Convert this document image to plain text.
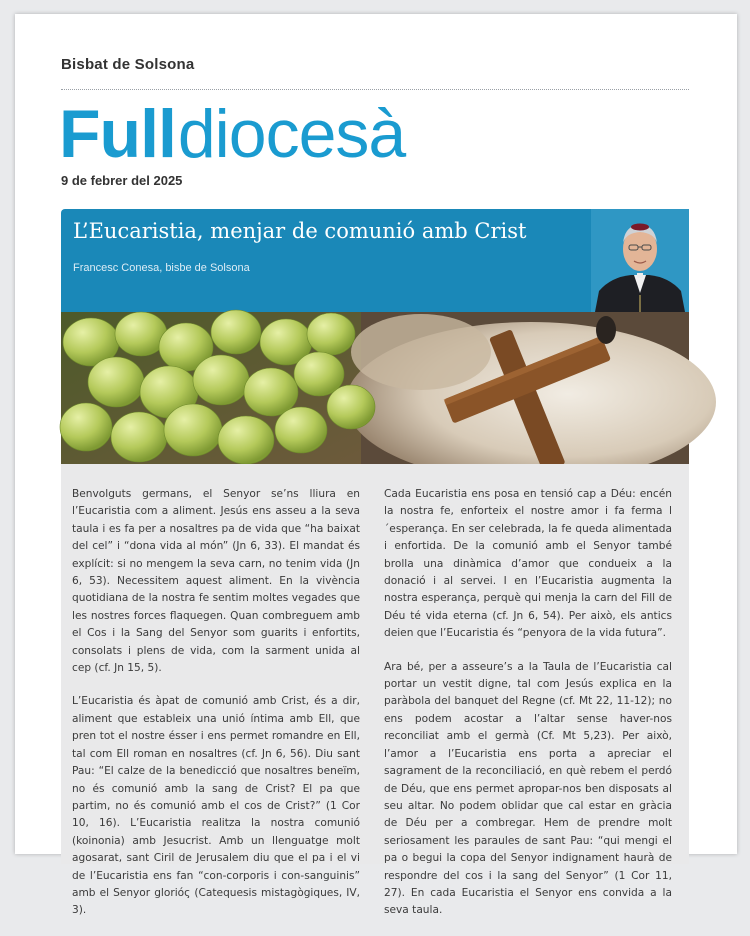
Bisbat de Solsona
Fulldiocesà
9 de febrer del 2025
L’Eucaristia, menjar de comunió amb Crist
Francesc Conesa, bisbe de Solsona

Benvolguts germans, el Senyor se’ns lliura en l’Eucaristia com a aliment. Jesús ens asseu a la seva taula i es fa per a nosaltres pa de vida que “ha baixat del cel” i “dona vida al món” (Jn 6, 33). El mandat és explícit: si no mengem la seva carn, no tenim vida (Jn 6, 53). Necessitem aquest aliment. En la vivència quotidiana de la nostra fe sentim moltes vegades que les nostres forces flaquegen. Quan combreguem amb el Cos i la Sang del Senyor som guarits i enfortits, consolats i plens de vida, com la sarment unida al cep (cf. Jn 15, 5).

L’Eucaristia és àpat de comunió amb Crist, és a dir, aliment que estableix una unió íntima amb Ell, que pren tot el nostre ésser i ens permet romandre en Ell, tal com Ell roman en nosaltres (cf. Jn 6, 56). Diu sant Pau: “El calze de la benedicció que nosaltres beneïm, no és comunió amb la sang de Crist? El pa que partim, no és comunió amb el cos de Crist?” (1 Cor 10, 16). L’Eucaristia realitza la nostra comunió (koinonia) amb Jesucrist. Amb un llenguatge molt agosarat, sant Ciril de Jerusalem diu que el pa i el vi de l’Eucaristia ens fan “con-corporis i con-sanguinis” amb el Senyor glorióς (Catequesis mistagògiques, IV, 3).

Cada Eucaristia ens posa en tensió cap a Déu: encén la nostra fe, enforteix el nostre amor i fa ferma l´esperança. En ser celebrada, la fe queda alimentada i enfortida. De la comunió amb el Senyor també brolla una dinàmica d’amor que condueix a la donació i al servei. I en l’Eucaristia augmenta la nostra esperança, perquè qui menja la carn del Fill de Déu té vida eterna (cf. Jn 6, 54). Per això, els antics deien que l’Eucaristia és “penyora de la vida futura”.

Ara bé, per a asseure’s a la Taula de l’Eucaristia cal portar un vestit digne, tal com Jesús explica en la paràbola del banquet del Regne (cf. Mt 22, 11-12); no ens podem acostar a l’altar sense haver-nos reconciliat amb el germà (Cf. Mt 5,23). Per això, l’amor a l’Eucaristia ens porta a apreciar el sagrament de la reconciliació, en què rebem el perdó de Déu, que ens permet apropar-nos ben disposats al seu altar. No podem oblidar que cal estar en gràcia de Déu per a combregar. Hem de prendre molt seriosament les paraules de sant Pau: “qui mengi el pa o begui la copa del Senyor indignament haurà de respondre del cos i la sang del Senyor” (1 Cor 11, 27). En cada Eucaristia el Senyor ens convida a la seva taula.
